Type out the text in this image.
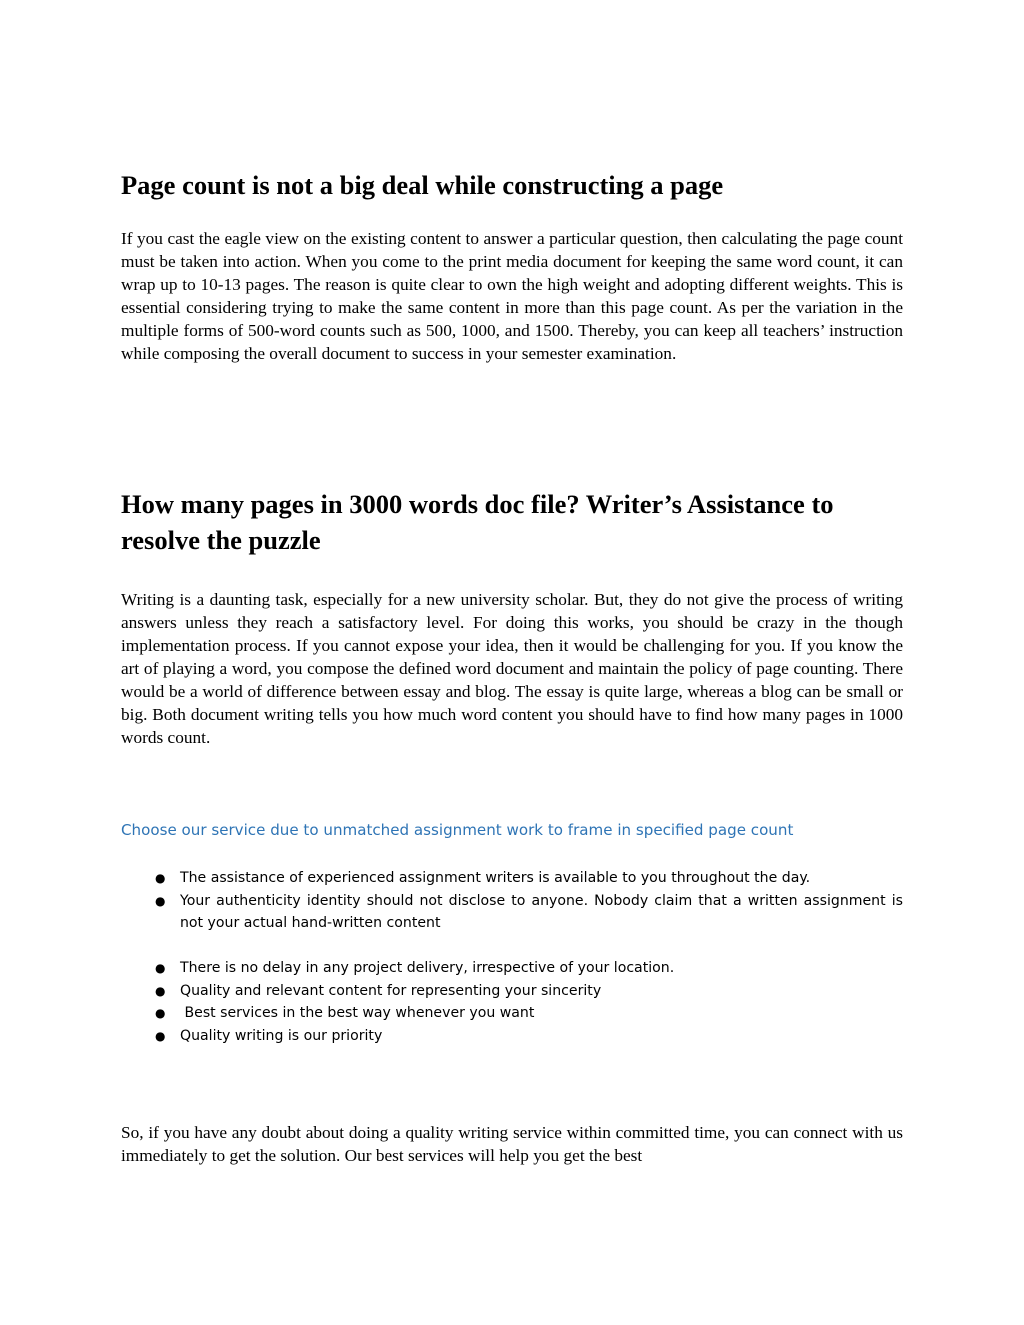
Page count is not a big deal while constructing a page

If you cast the eagle view on the existing content to answer a particular question, then calculating the page count must be taken into action. When you come to the print media document for keeping the same word count, it can wrap up to 10-13 pages. The reason is quite clear to own the high weight and adopting different weights. This is essential considering trying to make the same content in more than this page count. As per the variation in the multiple forms of 500-word counts such as 500, 1000, and 1500. Thereby, you can keep all teachers’ instruction while composing the overall document to success in your semester examination.

How many pages in 3000 words doc file? Writer’s Assistance to resolve the puzzle

Writing is a daunting task, especially for a new university scholar. But, they do not give the process of writing answers unless they reach a satisfactory level. For doing this works, you should be crazy in the though implementation process. If you cannot expose your idea, then it would be challenging for you. If you know the art of playing a word, you compose the defined word document and maintain the policy of page counting. There would be a world of difference between essay and blog. The essay is quite large, whereas a blog can be small or big. Both document writing tells you how much word content you should have to find how many pages in 1000 words count.

Choose our service due to unmatched assignment work to frame in specified page count
● The assistance of experienced assignment writers is available to you throughout the day.
● Your authenticity identity should not disclose to anyone. Nobody claim that a written assignment is not your actual hand-written content
● There is no delay in any project delivery, irrespective of your location.
● Quality and relevant content for representing your sincerity
● Best services in the best way whenever you want
● Quality writing is our priority

So, if you have any doubt about doing a quality writing service within committed time, you can connect with us immediately to get the solution. Our best services will help you get the best
